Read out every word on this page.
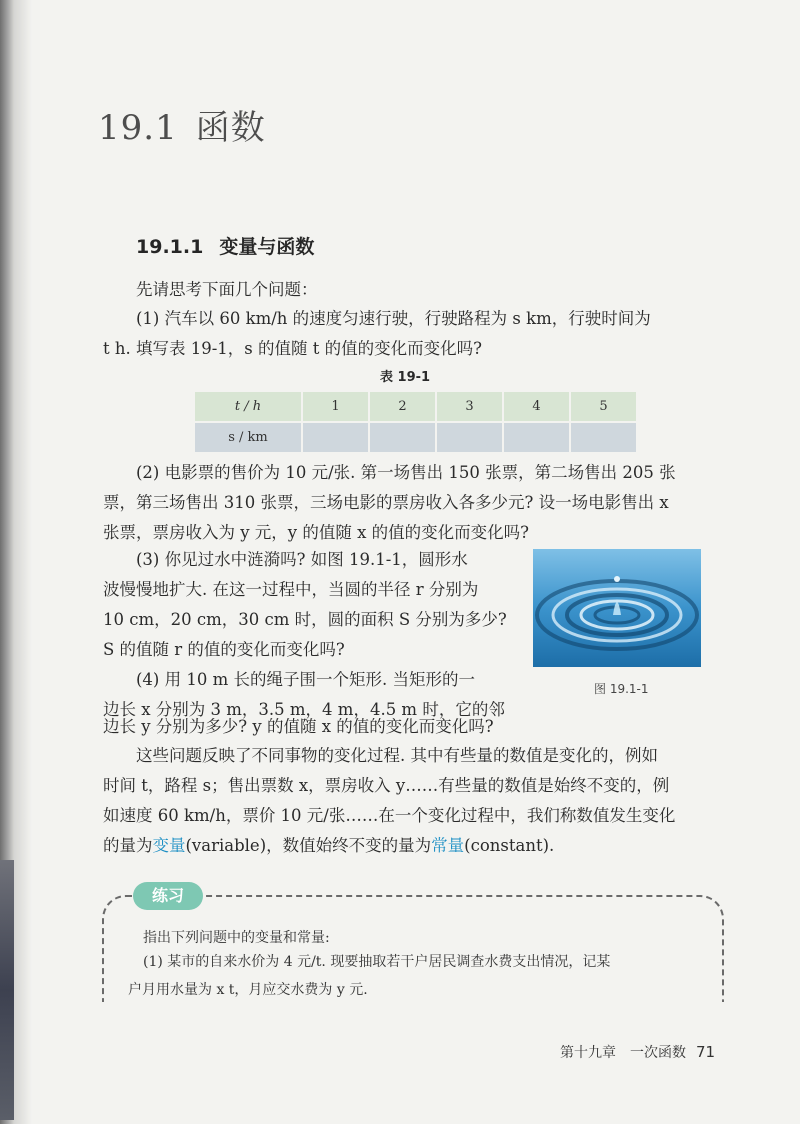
19.1 函数
19.1.1 变量与函数
先请思考下面几个问题：

(1) 汽车以 60 km/h 的速度匀速行驶，行驶路程为 s km，行驶时间为

t h. 填写表 19-1，s 的值随 t 的值的变化而变化吗?

表 19-1
t / h	1	2	3	4	5
s / km					

(2) 电影票的售价为 10 元/张. 第一场售出 150 张票，第二场售出 205 张

票，第三场售出 310 张票，三场电影的票房收入各多少元? 设一场电影售出 x

张票，票房收入为 y 元，y 的值随 x 的值的变化而变化吗?

(3) 你见过水中涟漪吗? 如图 19.1-1，圆形水

波慢慢地扩大. 在这一过程中，当圆的半径 r 分别为

10 cm，20 cm，30 cm 时，圆的面积 S 分别为多少?

S 的值随 r 的值的变化而变化吗?

(4) 用 10 m 长的绳子围一个矩形. 当矩形的一

边长 x 分别为 3 m，3.5 m，4 m，4.5 m 时，它的邻

边长 y 分别为多少? y 的值随 x 的值的变化而变化吗?

图 19.1-1

这些问题反映了不同事物的变化过程. 其中有些量的数值是变化的，例如

时间 t，路程 s；售出票数 x，票房收入 y……有些量的数值是始终不变的，例

如速度 60 km/h，票价 10 元/张……在一个变化过程中，我们称数值发生变化

的量为变量(variable)，数值始终不变的量为常量(constant).

练习
指出下列问题中的变量和常量:

(1) 某市的自来水价为 4 元/t. 现要抽取若干户居民调查水费支出情况，记某

户月用水量为 x t，月应交水费为 y 元.

第十九章　一次函数 71
